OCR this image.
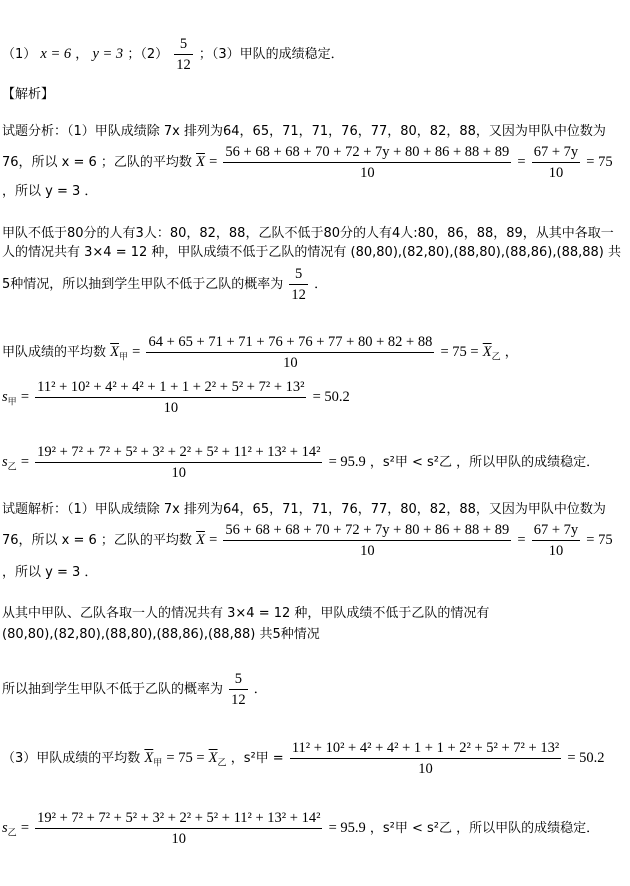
（1） x = 6 ， y = 3 ；$(2) \frac{5}{12}$ ；（3）甲队的成绩稳定．
【解析】
试题分析：（1）甲队成绩除 7x 排列为64，65，71，71，76，77，80，82，88，又因为甲队中位数为
76，所以 x = 6 ；乙队的平均数 $\overline{X} = \frac{56 + 68 + 68 + 70 + 72 + 7y + 80 + 86 + 88 + 89}{10} = \frac{67 + 7y}{10} = 75$
，所以 y = 3 ．
甲队不低于80分的人有3人：80，82，88，乙队不低于80分的人有4人:80，86，88，89，从其中各取一
人的情况共有 3×4 = 12 种，甲队成绩不低于乙队的情况有 (80,80),(82,80),(88,80),(88,86),(88,88) 共
5种情况，所以抽到学生甲队不低于乙队的概率为 $\frac{5}{12}$ ．
甲队成绩的平均数 $\overline{X}_甲 = \frac{64 + 65 + 71 + 71 + 76 + 76 + 77 + 80 + 82 + 88}{10} = 75 = \overline{X}_乙$ ，
$s_甲 = \frac{\text{11² + 10² + 4² + 4² + 1 + 1 + 2² + 5² + 7² + 13²}}{10} = 50.2$
$s_乙 = \frac{\text{19² + 7² + 7² + 5² + 3² + 2² + 5² + 11² + 13² + 14²}}{10} = 95.9$ ，s²甲 < s²乙 ，所以甲队的成绩稳定．
试题解析：（1）甲队成绩除 7x 排列为64，65，71，71，76，77，80，82，88，又因为甲队中位数为
76，所以 x = 6 ；乙队的平均数 $\overline{X} = \frac{56 + 68 + 68 + 70 + 72 + 7y + 80 + 86 + 88 + 89}{10} = \frac{67 + 7y}{10} = 75$
，所以 y = 3 ．
从其中甲队、乙队各取一人的情况共有 3×4 = 12 种，甲队成绩不低于乙队的情况有
(80,80),(82,80),(88,80),(88,86),(88,88) 共5种情况
所以抽到学生甲队不低于乙队的概率为 $\frac{5}{12}$ ．
（3）甲队成绩的平均数 $\overline{X}_甲 = 75 = \overline{X}_乙$ ，s²甲 = $\frac{\text{11² + 10² + 4² + 4² + 1 + 1 + 2² + 5² + 7² + 13²}}{10} = 50.2$
$s_乙 = \frac{\text{19² + 7² + 7² + 5² + 3² + 2² + 5² + 11² + 13² + 14²}}{10} = 95.9$ ，s²甲 < s²乙 ，所以甲队的成绩稳定．
